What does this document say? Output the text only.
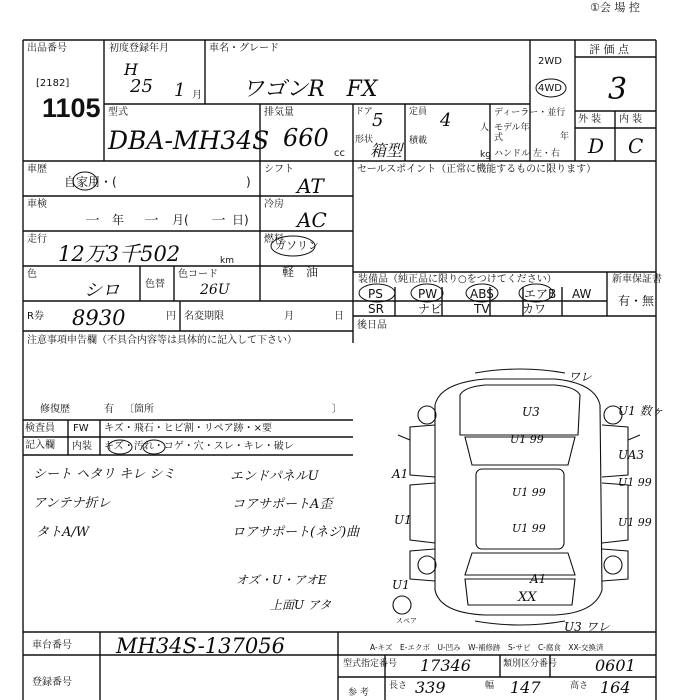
①会 場 控
出品番号
[2182]
1105
初度登録年月
H
25 1 月
車名・グレード
ワゴンR　FX
2WD
4WD
評 価 点
3
外 装 内 装
D C
型式
DBA-MH34S
排気量
660
cc
ドア 5
形状
箱型
定員 4	人
積載
kg
ディーラー・並行
モデル年式	年
ハンドル 左・右
車歴
自家用・(	)
シフト
AT
セールスポイント（正常に機能するものに限ります）
車検
一 年 一 月( 一 日)
冷房
AC
走行
12万3千502	km
燃料
ガソリン
軽　油
色
シロ	色替
色コード
26U
装備品（純正品に限り○をつけてください）
PS	PW	ABS	エアB AW
SR	ナビ	TV	カワ
新車保証書
有・無
R券 8930	円 名変期限	月	日
後日品
注意事項申告欄（不具合内容等は具体的に記入して下さい）
修復歴	有 〔箇所	〕
検査員
記入欄
FW キズ・飛石・ヒビ割・リペア跡・×要
内装 キズ・汚れ・コゲ・穴・スレ・キレ・破レ
シート ヘタリ キレ シミ
アンテナ折レ
タトA/W
エンドパネルU
コアサポートA歪
ロアサポート(ネジ)曲
オズ・U・アオE
上面U アタ
ワレ
U3	U1 数ヶ
U1 99
UA3
U1 99
U1 99
U1 99
A1
U1 99
U1
U1	A1
XX
スペア	U3 ワレ
A-キズ　E-エクボ　U-凹み　W-補修跡　S-サビ　C-腐食　XX-交換済
車台番号 MH34S-137056
登録番号
型式指定番号 17346	類別区分番号 0601
参 考
長さ 339	幅 147	高さ 164
